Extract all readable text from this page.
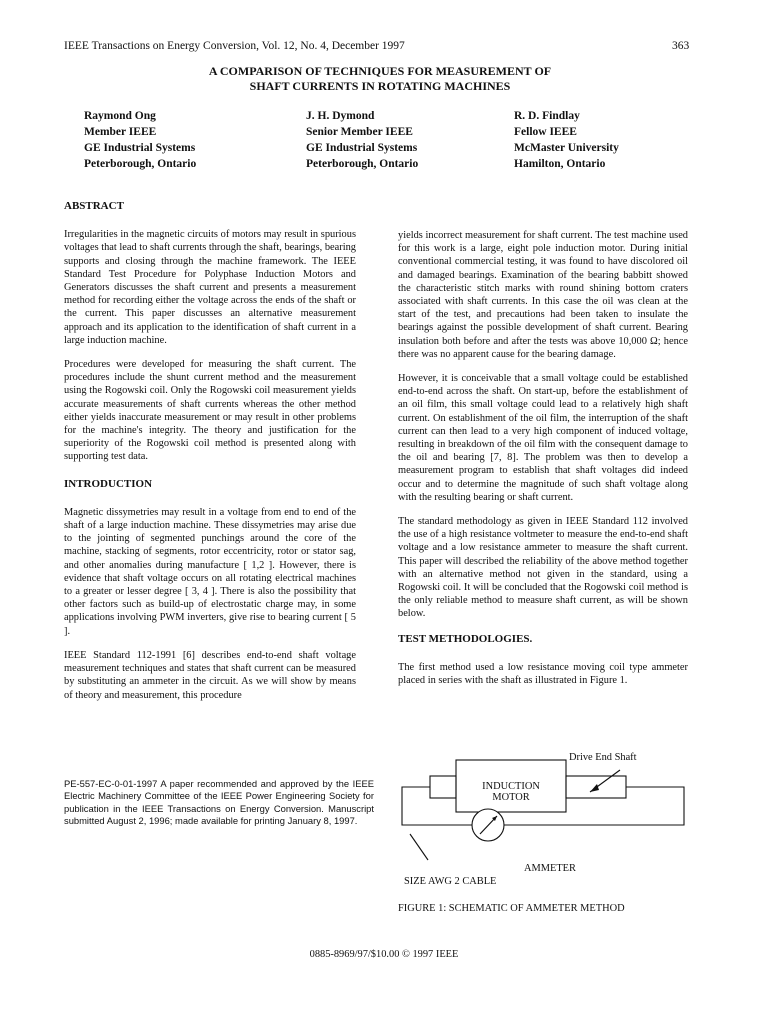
IEEE Transactions on Energy Conversion, Vol. 12, No. 4, December 1997	363
A COMPARISON OF TECHNIQUES FOR MEASUREMENT OF
SHAFT CURRENTS IN ROTATING MACHINES
Raymond Ong
Member IEEE
GE Industrial Systems
Peterborough, Ontario
J. H. Dymond
Senior Member IEEE
GE Industrial Systems
Peterborough, Ontario
R. D. Findlay
Fellow IEEE
McMaster University
Hamilton, Ontario
ABSTRACT

Irregularities in the magnetic circuits of motors may result in spurious voltages that lead to shaft currents through the shaft, bearings, bearing supports and closing through the machine framework. The IEEE Standard Test Procedure for Polyphase Induction Motors and Generators discusses the shaft current and presents a measurement method for recording either the voltage across the ends of the shaft or the current. This paper discusses an alternative measurement approach and its application to the identification of shaft current in a large induction machine.

Procedures were developed for measuring the shaft current. The procedures include the shunt current method and the measurement using the Rogowski coil. Only the Rogowski coil measurement yields accurate measurements of shaft currents whereas the other method either yields inaccurate measurement or may result in other problems for the machine's integrity. The theory and justification for the superiority of the Rogowski coil method is presented along with supporting test data.

INTRODUCTION

Magnetic dissymetries may result in a voltage from end to end of the shaft of a large induction machine. These dissymetries may arise due to the jointing of segmented punchings around the core of the machine, stacking of segments, rotor eccentricity, rotor or stator sag, and other anomalies during manufacture [ 1,2 ]. However, there is evidence that shaft voltage occurs on all rotating electrical machines to a greater or lesser degree [ 3, 4 ]. There is also the possibility that other factors such as build-up of electrostatic charge may, in some applications involving PWM inverters, give rise to bearing current [ 5 ].

IEEE Standard 112-1991 [6] describes end-to-end shaft voltage measurement techniques and states that shaft current can be measured by substituting an ammeter in the circuit. As we will show by means of theory and measurement, this procedure

PE-557-EC-0-01-1997 A paper recommended and approved by the IEEE Electric Machinery Committee of the IEEE Power Engineering Society for publication in the IEEE Transactions on Energy Conversion. Manuscript submitted August 2, 1996; made available for printing January 8, 1997.

yields incorrect measurement for shaft current. The test machine used for this work is a large, eight pole induction motor. During initial conventional commercial testing, it was found to have discolored oil and damaged bearings. Examination of the bearing babbitt showed the characteristic stitch marks with round shining bottom craters associated with shaft currents. In this case the oil was clean at the start of the test, and precautions had been taken to insulate the bearings against the possible development of shaft current. Bearing insulation both before and after the tests was above 10,000 Ω; hence there was no apparent cause for the bearing damage.

However, it is conceivable that a small voltage could be established end-to-end across the shaft. On start-up, before the establishment of an oil film, this small voltage could lead to a relatively high shaft current. On establishment of the oil film, the interruption of the shaft current can then lead to a very high component of induced voltage, resulting in breakdown of the oil film with the consequent damage to the oil and bearing [7, 8]. The problem was then to develop a measurement program to establish that shaft voltages did indeed occur and to determine the magnitude of such shaft voltage along with the resulting bearing or shaft current.

The standard methodology as given in IEEE Standard 112 involved the use of a high resistance voltmeter to measure the end-to-end shaft voltage and a low resistance ammeter to measure the shaft current. This paper will described the reliability of the above method together with an alternative method not given in the standard, using a Rogowski coil. It will be concluded that the Rogowski coil method is the only reliable method to measure shaft current, as will be shown below.

TEST METHODOLOGIES.

The first method used a low resistance moving coil type ammeter placed in series with the shaft as illustrated in Figure 1.

Drive End Shaft
INDUCTION
MOTOR
AMMETER
SIZE AWG 2 CABLE
FIGURE 1: SCHEMATIC OF AMMETER METHOD
0885-8969/97/$10.00 © 1997 IEEE
